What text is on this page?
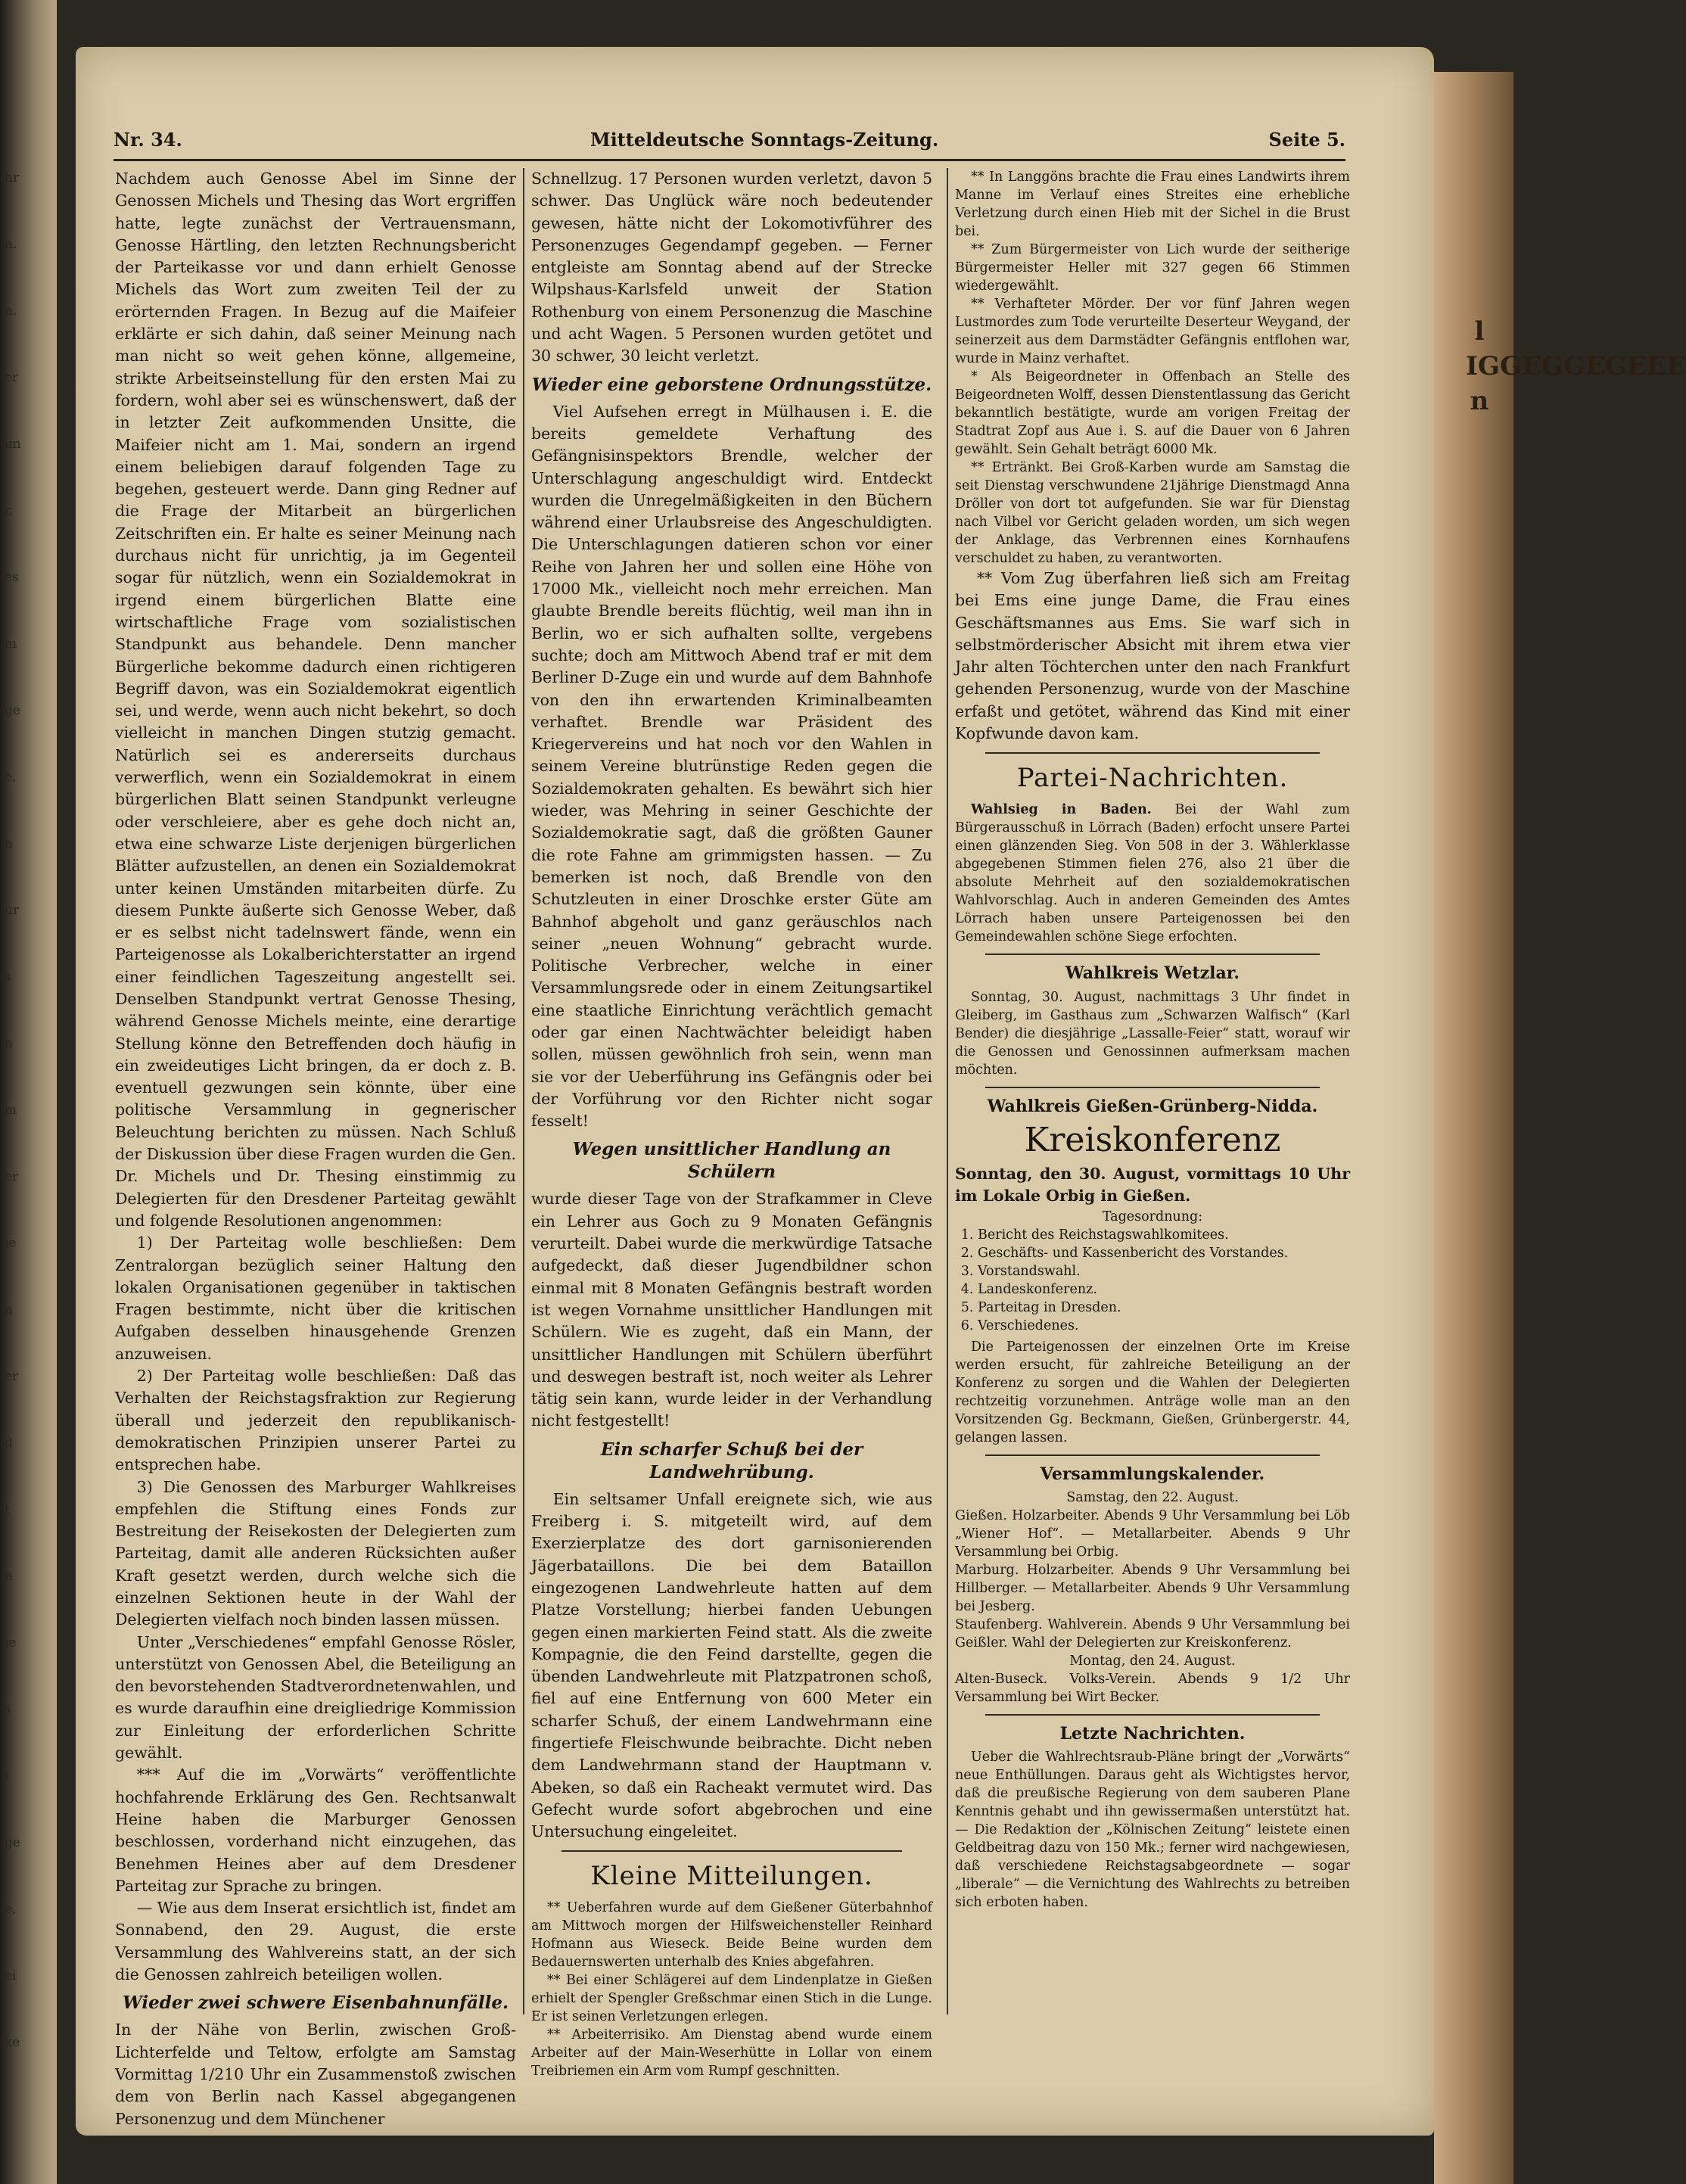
hr
n.
n.
er
im
r,
es
m
ge
e,
n
ur
s
n
m
er
ie
n
er
d
t
n
ie
s
i
ge
e,
ei
ke
l
IGGEGGEGEEE
n
Nr. 34.	Mitteldeutsche Sonntags-Zeitung.	Seite 5.

Nachdem auch Genosse Abel im Sinne der Genossen Michels und Thesing das Wort ergriffen hatte, legte zunächst der Vertrauensmann, Genosse Härtling, den letzten Rechnungsbericht der Parteikasse vor und dann erhielt Genosse Michels das Wort zum zweiten Teil der zu erörternden Fragen. In Bezug auf die Maifeier erklärte er sich dahin, daß seiner Meinung nach man nicht so weit gehen könne, allgemeine, strikte Arbeitseinstellung für den ersten Mai zu fordern, wohl aber sei es wünschenswert, daß der in letzter Zeit aufkommenden Unsitte, die Maifeier nicht am 1. Mai, sondern an irgend einem beliebigen darauf folgenden Tage zu begehen, gesteuert werde. Dann ging Redner auf die Frage der Mitarbeit an bürgerlichen Zeitschriften ein. Er halte es seiner Meinung nach durchaus nicht für unrichtig, ja im Gegenteil sogar für nützlich, wenn ein Sozialdemokrat in irgend einem bürgerlichen Blatte eine wirtschaftliche Frage vom sozialistischen Standpunkt aus behandele. Denn mancher Bürgerliche bekomme dadurch einen richtigeren Begriff davon, was ein Sozialdemokrat eigentlich sei, und werde, wenn auch nicht bekehrt, so doch vielleicht in manchen Dingen stutzig gemacht. Natürlich sei es andererseits durchaus verwerflich, wenn ein Sozialdemokrat in einem bürgerlichen Blatt seinen Standpunkt verleugne oder verschleiere, aber es gehe doch nicht an, etwa eine schwarze Liste derjenigen bürgerlichen Blätter aufzustellen, an denen ein Sozialdemokrat unter keinen Umständen mitarbeiten dürfe. Zu diesem Punkte äußerte sich Genosse Weber, daß er es selbst nicht tadelnswert fände, wenn ein Parteigenosse als Lokalberichterstatter an irgend einer feindlichen Tageszeitung angestellt sei. Denselben Standpunkt vertrat Genosse Thesing, während Genosse Michels meinte, eine derartige Stellung könne den Betreffenden doch häufig in ein zweideutiges Licht bringen, da er doch z. B. eventuell gezwungen sein könnte, über eine politische Versammlung in gegnerischer Beleuchtung berichten zu müssen. Nach Schluß der Diskussion über diese Fragen wurden die Gen. Dr. Michels und Dr. Thesing einstimmig zu Delegierten für den Dresdener Parteitag gewählt und folgende Resolutionen angenommen:

1) Der Parteitag wolle beschließen: Dem Zentralorgan bezüglich seiner Haltung den lokalen Organisationen gegenüber in taktischen Fragen bestimmte, nicht über die kritischen Aufgaben desselben hinausgehende Grenzen anzuweisen.

2) Der Parteitag wolle beschließen: Daß das Verhalten der Reichstagsfraktion zur Regierung überall und jederzeit den republikanisch-demokratischen Prinzipien unserer Partei zu entsprechen habe.

3) Die Genossen des Marburger Wahlkreises empfehlen die Stiftung eines Fonds zur Bestreitung der Reisekosten der Delegierten zum Parteitag, damit alle anderen Rücksichten außer Kraft gesetzt werden, durch welche sich die einzelnen Sektionen heute in der Wahl der Delegierten vielfach noch binden lassen müssen.

Unter „Verschiedenes“ empfahl Genosse Rösler, unterstützt von Genossen Abel, die Beteiligung an den bevorstehenden Stadtverordnetenwahlen, und es wurde daraufhin eine dreigliedrige Kommission zur Einleitung der erforderlichen Schritte gewählt.

*** Auf die im „Vorwärts“ veröffentlichte hochfahrende Erklärung des Gen. Rechtsanwalt Heine haben die Marburger Genossen beschlossen, vorderhand nicht einzugehen, das Benehmen Heines aber auf dem Dresdener Parteitag zur Sprache zu bringen.

— Wie aus dem Inserat ersichtlich ist, findet am Sonnabend, den 29. August, die erste Versammlung des Wahlvereins statt, an der sich die Genossen zahlreich beteiligen wollen.

Wieder zwei schwere Eisenbahnunfälle.

In der Nähe von Berlin, zwischen Groß-Lichterfelde und Teltow, erfolgte am Samstag Vormittag 1/210 Uhr ein Zusammenstoß zwischen dem von Berlin nach Kassel abgegangenen Personenzug und dem Münchener

Schnellzug. 17 Personen wurden verletzt, davon 5 schwer. Das Unglück wäre noch bedeutender gewesen, hätte nicht der Lokomotivführer des Personenzuges Gegendampf gegeben. — Ferner entgleiste am Sonntag abend auf der Strecke Wilpshaus-Karlsfeld unweit der Station Rothenburg von einem Personenzug die Maschine und acht Wagen. 5 Personen wurden getötet und 30 schwer, 30 leicht verletzt.

Wieder eine geborstene Ordnungsstütze.

Viel Aufsehen erregt in Mülhausen i. E. die bereits gemeldete Verhaftung des Gefängnisinspektors Brendle, welcher der Unterschlagung angeschuldigt wird. Entdeckt wurden die Unregelmäßigkeiten in den Büchern während einer Urlaubsreise des Angeschuldigten. Die Unterschlagungen datieren schon vor einer Reihe von Jahren her und sollen eine Höhe von 17000 Mk., vielleicht noch mehr erreichen. Man glaubte Brendle bereits flüchtig, weil man ihn in Berlin, wo er sich aufhalten sollte, vergebens suchte; doch am Mittwoch Abend traf er mit dem Berliner D-Zuge ein und wurde auf dem Bahnhofe von den ihn erwartenden Kriminalbeamten verhaftet. Brendle war Präsident des Kriegervereins und hat noch vor den Wahlen in seinem Vereine blutrünstige Reden gegen die Sozialdemokraten gehalten. Es bewährt sich hier wieder, was Mehring in seiner Geschichte der Sozialdemokratie sagt, daß die größten Gauner die rote Fahne am grimmigsten hassen. — Zu bemerken ist noch, daß Brendle von den Schutzleuten in einer Droschke erster Güte am Bahnhof abgeholt und ganz geräuschlos nach seiner „neuen Wohnung“ gebracht wurde. Politische Verbrecher, welche in einer Versammlungsrede oder in einem Zeitungsartikel eine staatliche Einrichtung verächtlich gemacht oder gar einen Nachtwächter beleidigt haben sollen, müssen gewöhnlich froh sein, wenn man sie vor der Ueberführung ins Gefängnis oder bei der Vorführung vor den Richter nicht sogar fesselt!

Wegen unsittlicher Handlung an Schülern

wurde dieser Tage von der Strafkammer in Cleve ein Lehrer aus Goch zu 9 Monaten Gefängnis verurteilt. Dabei wurde die merkwürdige Tatsache aufgedeckt, daß dieser Jugendbildner schon einmal mit 8 Monaten Gefängnis bestraft worden ist wegen Vornahme unsittlicher Handlungen mit Schülern. Wie es zugeht, daß ein Mann, der unsittlicher Handlungen mit Schülern überführt und deswegen bestraft ist, noch weiter als Lehrer tätig sein kann, wurde leider in der Verhandlung nicht festgestellt!

Ein scharfer Schuß bei der Landwehrübung.

Ein seltsamer Unfall ereignete sich, wie aus Freiberg i. S. mitgeteilt wird, auf dem Exerzierplatze des dort garnisonierenden Jägerbataillons. Die bei dem Bataillon eingezogenen Landwehrleute hatten auf dem Platze Vorstellung; hierbei fanden Uebungen gegen einen markierten Feind statt. Als die zweite Kompagnie, die den Feind darstellte, gegen die übenden Landwehrleute mit Platzpatronen schoß, fiel auf eine Entfernung von 600 Meter ein scharfer Schuß, der einem Landwehrmann eine fingertiefe Fleischwunde beibrachte. Dicht neben dem Landwehrmann stand der Hauptmann v. Abeken, so daß ein Racheakt vermutet wird. Das Gefecht wurde sofort abgebrochen und eine Untersuchung eingeleitet.

Kleine Mitteilungen.

** Ueberfahren wurde auf dem Gießener Güterbahnhof am Mittwoch morgen der Hilfsweichensteller Reinhard Hofmann aus Wieseck. Beide Beine wurden dem Bedauernswerten unterhalb des Knies abgefahren.

** Bei einer Schlägerei auf dem Lindenplatze in Gießen erhielt der Spengler Greßschmar einen Stich in die Lunge. Er ist seinen Verletzungen erlegen.

** Arbeiterrisiko. Am Dienstag abend wurde einem Arbeiter auf der Main-Weserhütte in Lollar von einem Treibriemen ein Arm vom Rumpf geschnitten.

** In Langgöns brachte die Frau eines Landwirts ihrem Manne im Verlauf eines Streites eine erhebliche Verletzung durch einen Hieb mit der Sichel in die Brust bei.

** Zum Bürgermeister von Lich wurde der seitherige Bürgermeister Heller mit 327 gegen 66 Stimmen wiedergewählt.

** Verhafteter Mörder. Der vor fünf Jahren wegen Lustmordes zum Tode verurteilte Deserteur Weygand, der seinerzeit aus dem Darmstädter Gefängnis entflohen war, wurde in Mainz verhaftet.

* Als Beigeordneter in Offenbach an Stelle des Beigeordneten Wolff, dessen Dienstentlassung das Gericht bekanntlich bestätigte, wurde am vorigen Freitag der Stadtrat Zopf aus Aue i. S. auf die Dauer von 6 Jahren gewählt. Sein Gehalt beträgt 6000 Mk.

** Ertränkt. Bei Groß-Karben wurde am Samstag die seit Dienstag verschwundene 21jährige Dienstmagd Anna Dröller von dort tot aufgefunden. Sie war für Dienstag nach Vilbel vor Gericht geladen worden, um sich wegen der Anklage, das Verbrennen eines Kornhaufens verschuldet zu haben, zu verantworten.

** Vom Zug überfahren ließ sich am Freitag bei Ems eine junge Dame, die Frau eines Geschäftsmannes aus Ems. Sie warf sich in selbstmörderischer Absicht mit ihrem etwa vier Jahr alten Töchterchen unter den nach Frankfurt gehenden Personenzug, wurde von der Maschine erfaßt und getötet, während das Kind mit einer Kopfwunde davon kam.

Partei-Nachrichten.

Wahlsieg in Baden. Bei der Wahl zum Bürgerausschuß in Lörrach (Baden) erfocht unsere Partei einen glänzenden Sieg. Von 508 in der 3. Wählerklasse abgegebenen Stimmen fielen 276, also 21 über die absolute Mehrheit auf den sozialdemokratischen Wahlvorschlag. Auch in anderen Gemeinden des Amtes Lörrach haben unsere Parteigenossen bei den Gemeindewahlen schöne Siege erfochten.

Wahlkreis Wetzlar.

Sonntag, 30. August, nachmittags 3 Uhr findet in Gleiberg, im Gasthaus zum „Schwarzen Walfisch“ (Karl Bender) die diesjährige „Lassalle-Feier“ statt, worauf wir die Genossen und Genossinnen aufmerksam machen möchten.

Wahlkreis Gießen-Grünberg-Nidda.
Kreiskonferenz

Sonntag, den 30. August, vormittags 10 Uhr im Lokale Orbig in Gießen.

Tagesordnung:
1. Bericht des Reichstagswahlkomitees.
2. Geschäfts- und Kassenbericht des Vorstandes.
3. Vorstandswahl.
4. Landeskonferenz.
5. Parteitag in Dresden.
6. Verschiedenes.

Die Parteigenossen der einzelnen Orte im Kreise werden ersucht, für zahlreiche Beteiligung an der Konferenz zu sorgen und die Wahlen der Delegierten rechtzeitig vorzunehmen. Anträge wolle man an den Vorsitzenden Gg. Beckmann, Gießen, Grünbergerstr. 44, gelangen lassen.

Versammlungskalender.
Samstag, den 22. August.

Gießen. Holzarbeiter. Abends 9 Uhr Versammlung bei Löb „Wiener Hof“. — Metallarbeiter. Abends 9 Uhr Versammlung bei Orbig.

Marburg. Holzarbeiter. Abends 9 Uhr Versammlung bei Hillberger. — Metallarbeiter. Abends 9 Uhr Versammlung bei Jesberg.

Staufenberg. Wahlverein. Abends 9 Uhr Versammlung bei Geißler. Wahl der Delegierten zur Kreiskonferenz.

Montag, den 24. August.

Alten-Buseck. Volks-Verein. Abends 9 1/2 Uhr Versammlung bei Wirt Becker.

Letzte Nachrichten.

Ueber die Wahlrechtsraub-Pläne bringt der „Vorwärts“ neue Enthüllungen. Daraus geht als Wichtigstes hervor, daß die preußische Regierung von dem sauberen Plane Kenntnis gehabt und ihn gewissermaßen unterstützt hat. — Die Redaktion der „Kölnischen Zeitung“ leistete einen Geldbeitrag dazu von 150 Mk.; ferner wird nachgewiesen, daß verschiedene Reichstagsabgeordnete — sogar „liberale“ — die Vernichtung des Wahlrechts zu betreiben sich erboten haben.
